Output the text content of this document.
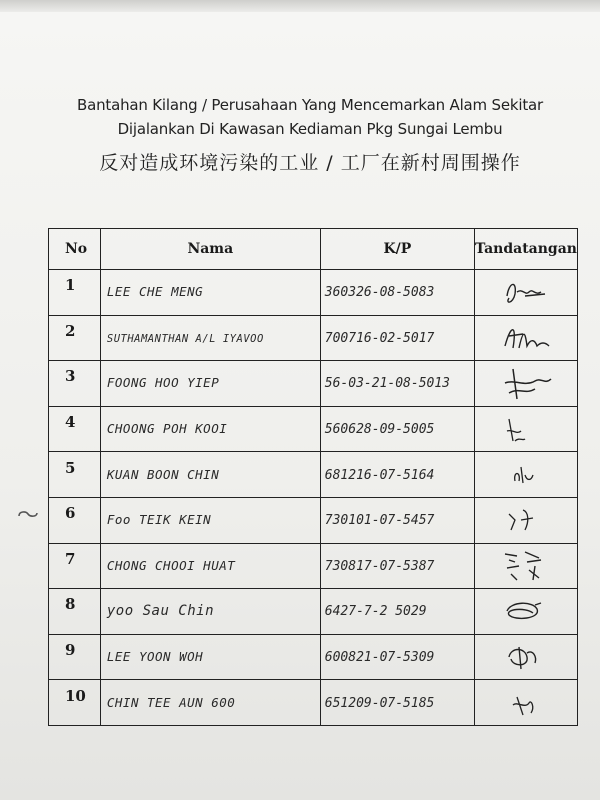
Bantahan Kilang / Perusahaan Yang Mencemarkan Alam Sekitar
Dijalankan Di Kawasan Kediaman Pkg Sungai Lembu
反对造成环境污染的工业 / 工厂在新村周围操作
No	Nama	K/P	Tandatangan

1	LEE CHE MENG	360326-08-5083	

2	SUTHAMANTHAN A/L IYAVOO	700716-02-5017	

3	FOONG HOO YIEP	56-03-21-08-5013	

4	CHOONG POH KOOI	560628-09-5005	

5	KUAN BOON CHIN	681216-07-5164	

6	Foo TEIK KEIN	730101-07-5457	

7	CHONG CHOOI HUAT	730817-07-5387	

8	yoo Sau Chin	6427-7-2 5029	

9	LEE YOON WOH	600821-07-5309	

10	CHIN TEE AUN 600	651209-07-5185	
